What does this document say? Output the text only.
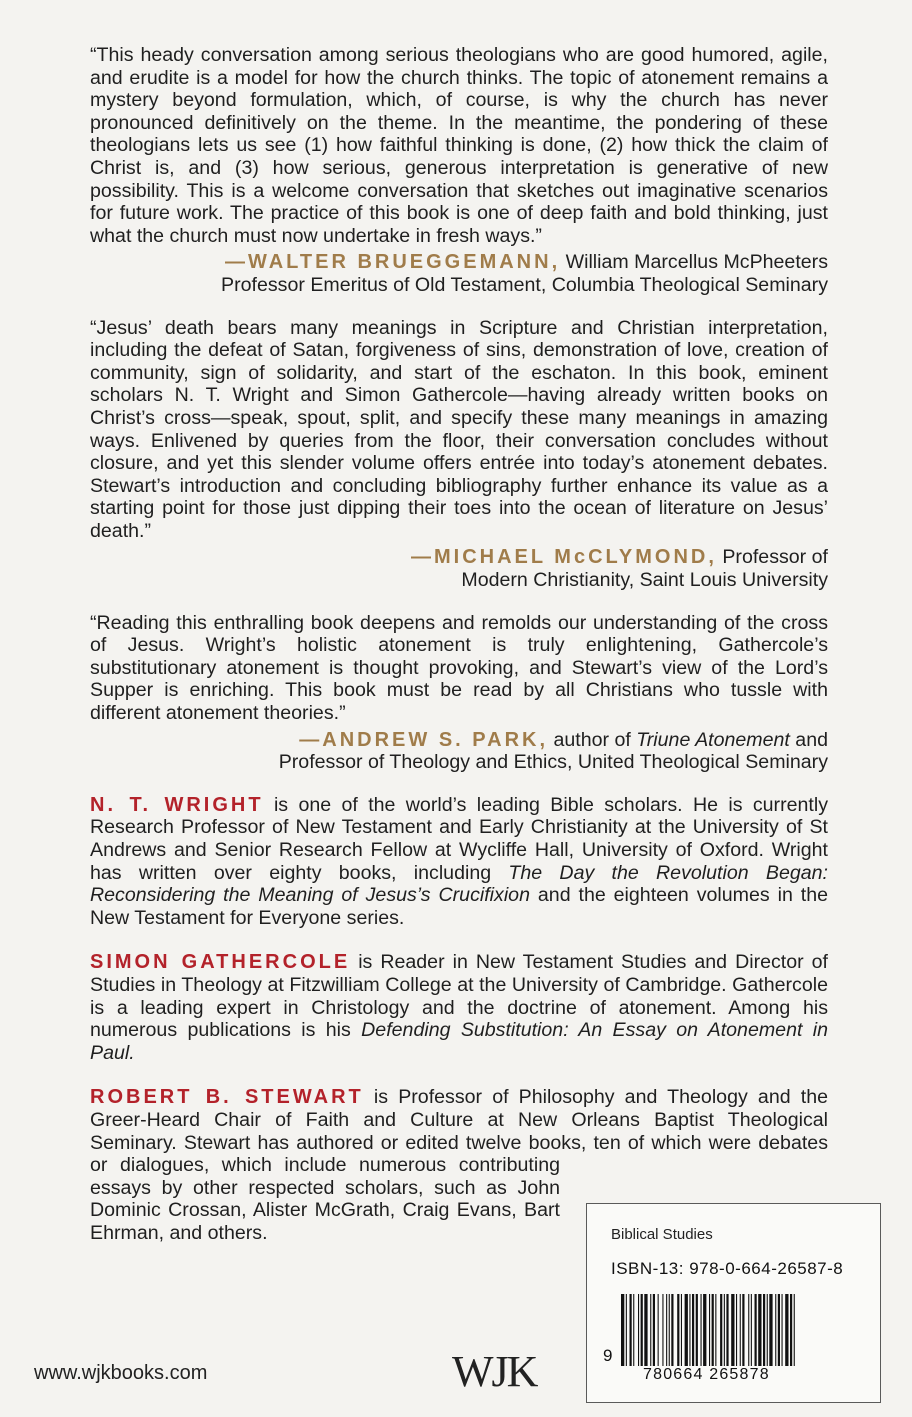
“This heady conversation among serious theologians who are good humored, agile, and erudite is a model for how the church thinks. The topic of atonement remains a mystery beyond formulation, which, of course, is why the church has never pronounced definitively on the theme. In the meantime, the pondering of these theologians lets us see (1) how faithful thinking is done, (2) how thick the claim of Christ is, and (3) how serious, generous interpretation is generative of new possibility. This is a welcome conversation that sketches out imaginative scenarios for future work. The practice of this book is one of deep faith and bold thinking, just what the church must now undertake in fresh ways.”

—WALTER BRUEGGEMANN, William Marcellus McPheeters
Professor Emeritus of Old Testament, Columbia Theological Seminary

“Jesus’ death bears many meanings in Scripture and Christian interpretation, including the defeat of Satan, forgiveness of sins, demonstration of love, creation of community, sign of solidarity, and start of the eschaton. In this book, eminent scholars N. T. Wright and Simon Gathercole—having already written books on Christ’s cross—speak, spout, split, and specify these many meanings in amazing ways. Enlivened by queries from the floor, their conversation concludes without closure, and yet this slender volume offers entrée into today’s atonement debates. Stewart’s introduction and concluding bibliography further enhance its value as a starting point for those just dipping their toes into the ocean of literature on Jesus’ death.”

—MICHAEL McCLYMOND, Professor of
Modern Christianity, Saint Louis University

“Reading this enthralling book deepens and remolds our understanding of the cross of Jesus. Wright’s holistic atonement is truly enlightening, Gathercole’s substitutionary atonement is thought provoking, and Stewart’s view of the Lord’s Supper is enriching. This book must be read by all Christians who tussle with different atonement theories.”

—ANDREW S. PARK, author of Triune Atonement and
Professor of Theology and Ethics, United Theological Seminary

N. T. WRIGHT is one of the world’s leading Bible scholars. He is currently Research Professor of New Testament and Early Christianity at the University of St Andrews and Senior Research Fellow at Wycliffe Hall, University of Oxford. Wright has written over eighty books, including The Day the Revolution Began: Reconsidering the Meaning of Jesus’s Crucifixion and the eighteen volumes in the New Testament for Everyone series.

SIMON GATHERCOLE is Reader in New Testament Studies and Director of Studies in Theology at Fitzwilliam College at the University of Cambridge. Gathercole is a leading expert in Christology and the doctrine of atonement. Among his numerous publications is his Defending Substitution: An Essay on Atonement in Paul.

ROBERT B. STEWART is Professor of Philosophy and Theology and the Greer-Heard Chair of Faith and Culture at New Orleans Baptist Theological Seminary. Stewart has authored or edited twelve books, ten of which were debates or dialogues, which include numerous contributing essays by other respected scholars, such as John Dominic Crossan, Alister McGrath, Craig Evans, Bart Ehrman, and others.	Biblical Studies
ISBN-13: 978-0-664-26587-8
9
780664 265878
www.wjkbooks.com	WJK
